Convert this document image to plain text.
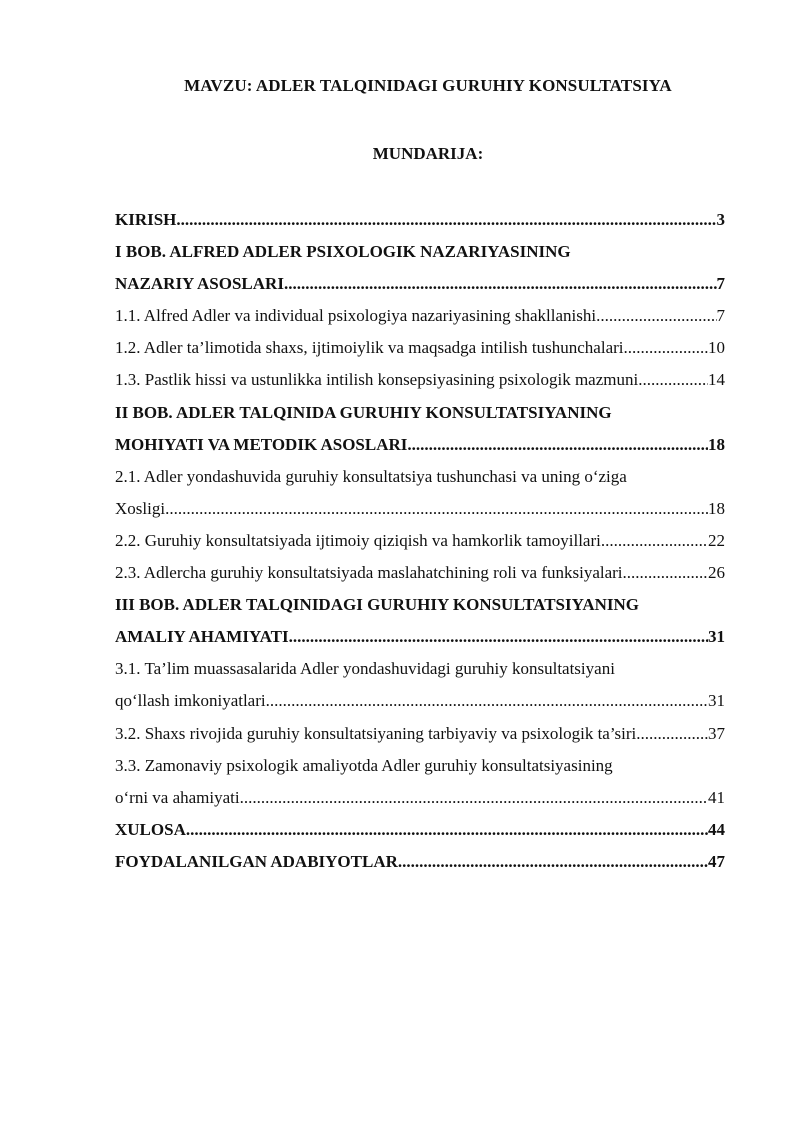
MAVZU: ADLER TALQINIDAGI GURUHIY KONSULTATSIYA
MUNDARIJA:
KIRISH .....	3
I BOB. ALFRED ADLER PSIXOLOGIK NAZARIYASINING
NAZARIY ASOSLARI .....	7
1.1. Alfred Adler va individual psixologiya nazariyasining shakllanishi .....	7
1.2. Adler ta’limotida shaxs, ijtimoiylik va maqsadga intilish tushunchalari .....	10
1.3. Pastlik hissi va ustunlikka intilish konsepsiyasining psixologik mazmuni .....	14
II BOB. ADLER TALQINIDA GURUHIY KONSULTATSIYANING
MOHIYATI VA METODIK ASOSLARI .....	18
2.1. Adler yondashuvida guruhiy konsultatsiya tushunchasi va uning o‘ziga
Xosligi .....	18
2.2. Guruhiy konsultatsiyada ijtimoiy qiziqish va hamkorlik tamoyillari .....	22
2.3. Adlercha guruhiy konsultatsiyada maslahatchining roli va funksiyalari .....	26
III BOB. ADLER TALQINIDAGI GURUHIY KONSULTATSIYANING
AMALIY AHAMIYATI .....	31
3.1. Ta’lim muassasalarida Adler yondashuvidagi guruhiy konsultatsiyani
qo‘llash imkoniyatlari .....	31
3.2. Shaxs rivojida guruhiy konsultatsiyaning tarbiyaviy va psixologik ta’siri. .....	37
3.3. Zamonaviy psixologik amaliyotda Adler guruhiy konsultatsiyasining
o‘rni va ahamiyati .....	41
XULOSA .....	44
FOYDALANILGAN ADABIYOTLAR .....	47
